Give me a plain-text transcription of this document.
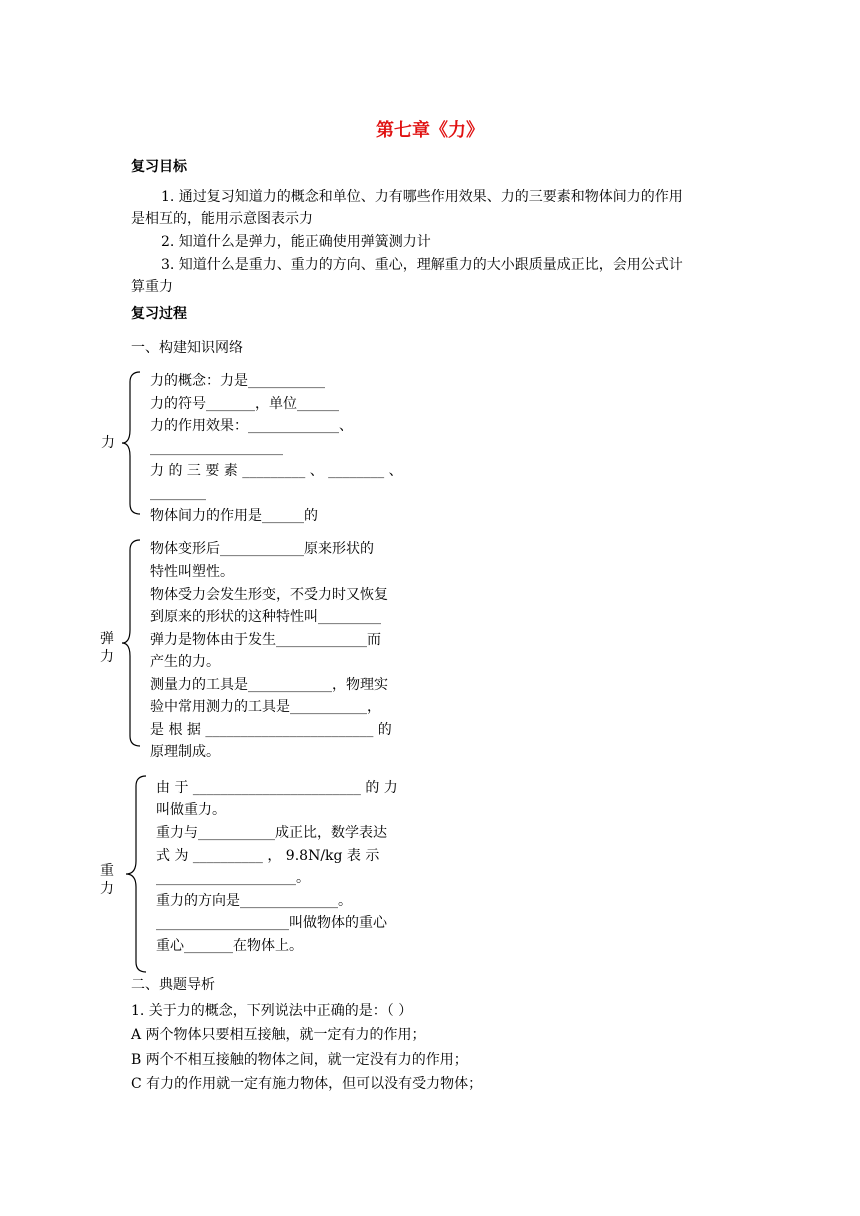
第七章《力》
复习目标
1. 通过复习知道力的概念和单位、力有哪些作用效果、力的三要素和物体间力的作用
是相互的，能用示意图表示力
2. 知道什么是弹力，能正确使用弹簧测力计
3. 知道什么是重力、重力的方向、重心，理解重力的大小跟质量成正比，会用公式计
算重力
复习过程
一、构建知识网络
力
力的概念：力是___________
力的符号_______，单位______
力的作用效果：_____________、
___________________
力 的 三 要 素 _________ 、 ________ 、
________
物体间力的作用是______的
弹力
物体变形后____________原来形状的
特性叫塑性。
物体受力会发生形变，不受力时又恢复
到原来的形状的这种特性叫_________
弹力是物体由于发生_____________而
产生的力。
测量力的工具是____________，物理实
验中常用测力的工具是___________，
是 根 据 ________________________ 的
原理制成。
重力
由 于 ________________________ 的 力
叫做重力。
重力与___________成正比，数学表达
式 为 __________ ， 9.8N/kg 表 示
____________________。
重力的方向是______________。
___________________叫做物体的重心
重心_______在物体上。
二、典题导析
1. 关于力的概念，下列说法中正确的是：（ ）
A 两个物体只要相互接触，就一定有力的作用；
B 两个不相互接触的物体之间，就一定没有力的作用；
C 有力的作用就一定有施力物体，但可以没有受力物体；
